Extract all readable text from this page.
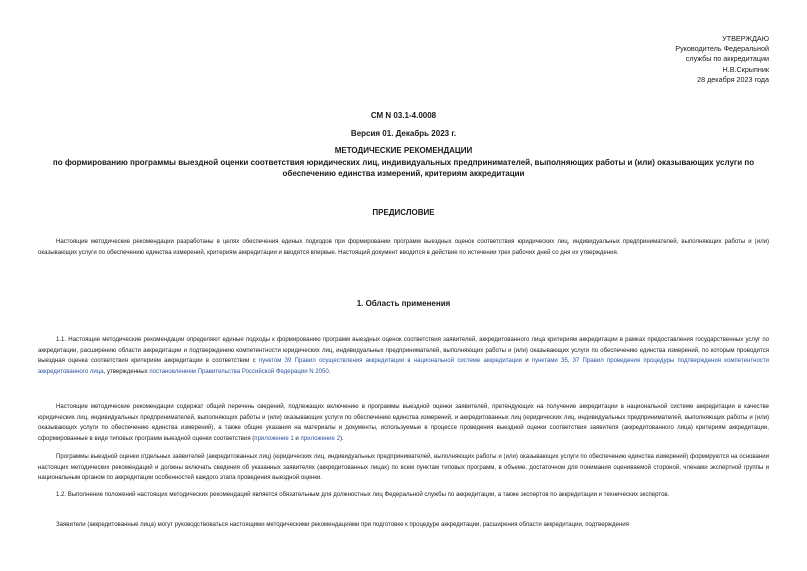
УТВЕРЖДАЮ
Руководитель Федеральной
службы по аккредитации
Н.В.Скрыпник
28 декабря 2023 года
СМ N 03.1-4.0008
Версия 01. Декабрь 2023 г.
МЕТОДИЧЕСКИЕ РЕКОМЕНДАЦИИ
по формированию программы выездной оценки соответствия юридических лиц, индивидуальных предпринимателей, выполняющих работы и (или) оказывающих услуги по обеспечению единства измерений, критериям аккредитации
ПРЕДИСЛОВИЕ
Настоящие методические рекомендации разработаны в целях обеспечения единых подходов при формировании программ выездных оценок соответствия юридических лиц, индивидуальных предпринимателей, выполняющих работы и (или) оказывающих услуги по обеспечению единства измерений, критериям аккредитации и вводятся впервые. Настоящий документ вводится в действие по истечении трех рабочих дней со дня их утверждения.
1. Область применения
1.1. Настоящие методические рекомендации определяют единые подходы к формированию программ выездных оценок соответствия заявителей, аккредитованного лица критериям аккредитации в рамках предоставления государственных услуг по аккредитации, расширению области аккредитации и подтверждению компетентности юридических лиц, индивидуальных предпринимателей, выполняющих работы и (или) оказывающих услуги по обеспечению единства измерений, по которым проводится выездная оценка соответствия критериям аккредитации в соответствии с пунктом 39 Правил осуществления аккредитации в национальной системе аккредитации и пунктами 35, 37 Правил проведения процедуры подтверждения компетентности аккредитованного лица, утвержденных постановлением Правительства Российской Федерации N 2050.
Настоящие методические рекомендации содержат общий перечень сведений, подлежащих включению в программы выездной оценки заявителей, претендующих на получение аккредитации в национальной системе аккредитации в качестве юридических лиц, индивидуальных предпринимателей, выполняющих работы и (или) оказывающих услуги по обеспечению единства измерений, и аккредитованных лиц (юридических лиц, индивидуальных предпринимателей, выполняющих работы и (или) оказывающих услуги по обеспечению единства измерений), а также общие указания на материалы и документы, используемые в процессе проведения выездной оценки соответствия заявителя (аккредитованного лица) критериям аккредитации, сформированные в виде типовых программ выездной оценки соответствия (приложение 1 и приложение 2).
Программы выездной оценки отдельных заявителей (аккредитованных лиц) (юридических лиц, индивидуальных предпринимателей, выполняющих работы и (или) оказывающих услуги по обеспечению единства измерений) формируются на основании настоящих методических рекомендаций и должны включать сведения об указанных заявителях (аккредитованных лицах) по всем пунктам типовых программ, в объеме, достаточном для понимания оцениваемой стороной, членами экспертной группы и национальным органом по аккредитации особенностей каждого этапа проведения выездной оценки.
1.2. Выполнение положений настоящих методических рекомендаций является обязательным для должностных лиц Федеральной службы по аккредитации, а также экспертов по аккредитации и технических экспертов.
Заявители (аккредитованные лица) могут руководствоваться настоящими методическими рекомендациями при подготовке к процедуре аккредитации, расширения области аккредитации, подтверждения
